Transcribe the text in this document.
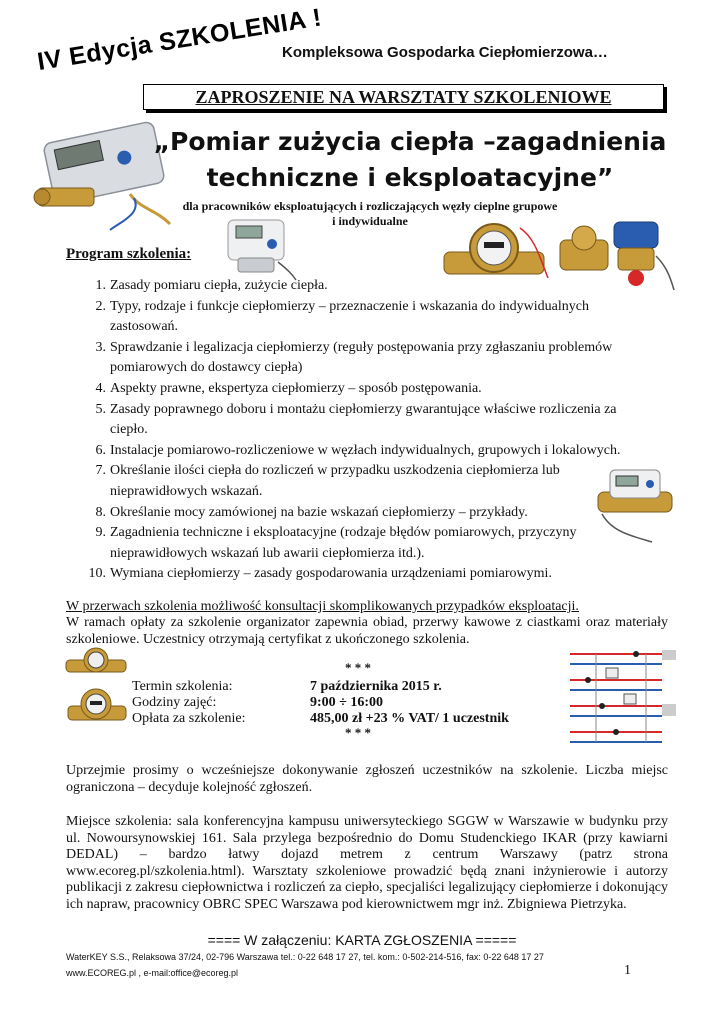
IV Edycja SZKOLENIA !
Kompleksowa Gospodarka Ciepłomierzowa…
ZAPROSZENIE NA WARSZTATY SZKOLENIOWE
„Pomiar zużycia ciepła –zagadnienia
techniczne i eksploatacyjne”
dla pracowników eksploatujących i rozliczających węzły cieplne grupowe
i indywidualne
Program szkolenia:
1. Zasady pomiaru ciepła, zużycie ciepła.
2. Typy, rodzaje i funkcje ciepłomierzy – przeznaczenie i wskazania do indywidualnych zastosowań.
3. Sprawdzanie i legalizacja ciepłomierzy (reguły postępowania przy zgłaszaniu problemów pomiarowych do dostawcy ciepła)
4. Aspekty prawne, ekspertyza ciepłomierzy – sposób postępowania.
5. Zasady poprawnego doboru i montażu ciepłomierzy gwarantujące właściwe rozliczenia za ciepło.
6. Instalacje pomiarowo-rozliczeniowe w węzłach indywidualnych, grupowych i lokalowych.
7. Określanie ilości ciepła do rozliczeń w przypadku uszkodzenia ciepłomierza lub nieprawidłowych wskazań.
8. Określanie mocy zamówionej na bazie wskazań ciepłomierzy – przykłady.
9. Zagadnienia techniczne i eksploatacyjne (rodzaje błędów pomiarowych, przyczyny nieprawidłowych wskazań lub awarii ciepłomierza itd.).
10. Wymiana ciepłomierzy – zasady gospodarowania urządzeniami pomiarowymi.
W przerwach szkolenia możliwość konsultacji skomplikowanych przypadków eksploatacji.
W ramach opłaty za szkolenie organizator zapewnia obiad, przerwy kawowe z ciastkami oraz materiały szkoleniowe. Uczestnicy otrzymają certyfikat z ukończonego szkolenia.
* * *
Termin szkolenia:	7 października 2015 r.
Godziny zajęć:	9:00 ÷ 16:00
Opłata za szkolenie:	485,00 zł +23 % VAT/ 1 uczestnik
* * *
Uprzejmie prosimy o wcześniejsze dokonywanie zgłoszeń uczestników na szkolenie. Liczba miejsc ograniczona – decyduje kolejność zgłoszeń.
Miejsce szkolenia: sala konferencyjna kampusu uniwersyteckiego SGGW w Warszawie w budynku przy ul. Nowoursynowskiej 161. Sala przylega bezpośrednio do Domu Studenckiego IKAR (przy kawiarni DEDAL) – bardzo łatwy dojazd metrem z centrum Warszawy (patrz strona www.ecoreg.pl/szkolenia.html). Warsztaty szkoleniowe prowadzić będą znani inżynierowie i autorzy publikacji z zakresu ciepłownictwa i rozliczeń za ciepło, specjaliści legalizujący ciepłomierze i dokonujący ich napraw, pracownicy OBRC SPEC Warszawa pod kierownictwem mgr inż. Zbigniewa Pietrzyka.
==== W załączeniu: KARTA ZGŁOSZENIA =====
WaterKEY S.S., Relaksowa 37/24, 02-796 Warszawa tel.: 0-22 648 17 27, tel. kom.: 0-502-214-516, fax: 0-22 648 17 27
www.ECOREG.pl , e-mail:office@ecoreg.pl	1
